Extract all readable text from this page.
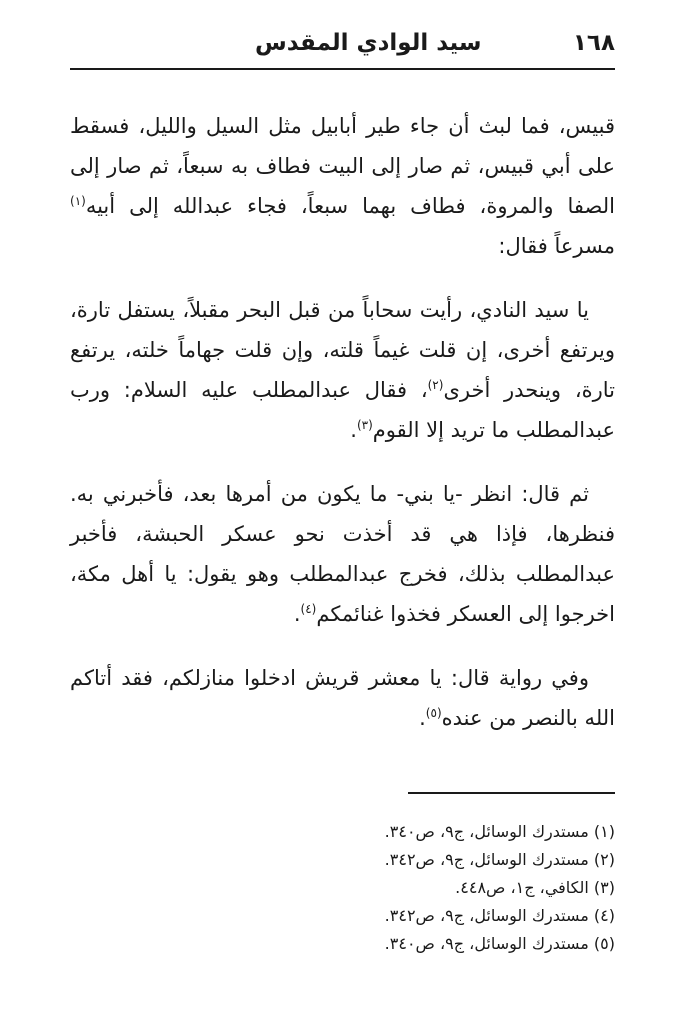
١٦٨
سيد الوادي المقدس

قبيس، فما لبث أن جاء طير أبابيل مثل السيل والليل، فسقط على أبي قبيس، ثم صار إلى البيت فطاف به سبعاً، ثم صار إلى الصفا والمروة، فطاف بهما سبعاً، فجاء عبدالله إلى أبيه$^{(١)}$ مسرعاً فقال:

يا سيد النادي، رأيت سحاباً من قبل البحر مقبلاً، يستفل تارة، ويرتفع أخرى، إن قلت غيماً قلته، وإن قلت جهاماً خلته، يرتفع تارة، وينحدر أخرى$^{(٢)}$، فقال عبدالمطلب عليه السلام: ورب عبدالمطلب ما تريد إلا القوم$^{(٣)}$.

ثم قال: انظر -يا بني- ما يكون من أمرها بعد، فأخبرني به. فنظرها، فإذا هي قد أخذت نحو عسكر الحبشة، فأخبر عبدالمطلب بذلك، فخرج عبدالمطلب وهو يقول: يا أهل مكة، اخرجوا إلى العسكر فخذوا غنائمكم$^{(٤)}$.

وفي رواية قال: يا معشر قريش ادخلوا منازلكم، فقد أتاكم الله بالنصر من عنده$^{(٥)}$.

(١) مستدرك الوسائل، ج٩، ص٣٤٠.

(٢) مستدرك الوسائل، ج٩، ص٣٤٢.

(٣) الكافي، ج١، ص٤٤٨.

(٤) مستدرك الوسائل، ج٩، ص٣٤٢.

(٥) مستدرك الوسائل، ج٩، ص٣٤٠.
